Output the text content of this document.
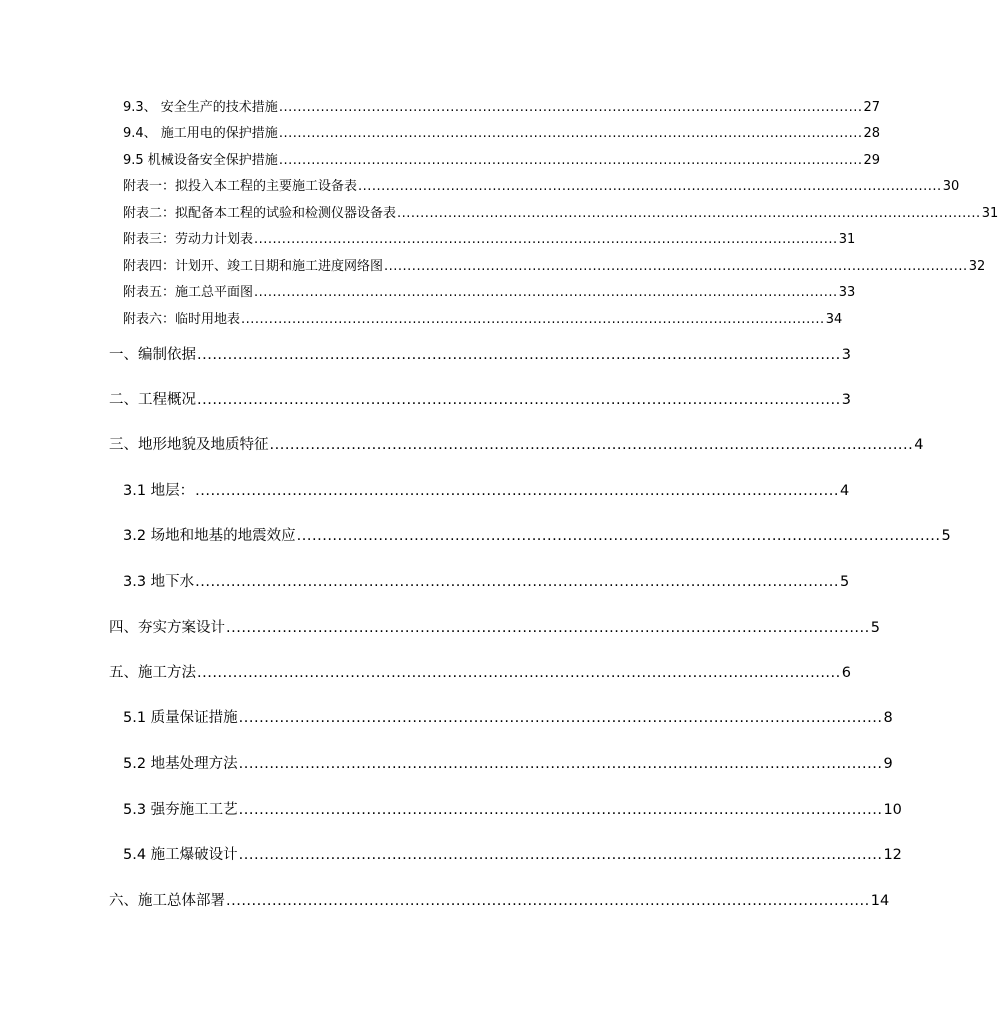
9.3、 安全生产的技术措施 .............................................................................................................................. 27
9.4、 施工用电的保护措施 .............................................................................................................................. 28
9.5 机械设备安全保护措施 .............................................................................................................................. 29
附表一：拟投入本工程的主要施工设备表 .............................................................................................................................. 30
附表二：拟配备本工程的试验和检测仪器设备表 .............................................................................................................................. 31
附表三：劳动力计划表 .............................................................................................................................. 31
附表四：计划开、竣工日期和施工进度网络图 .............................................................................................................................. 32
附表五：施工总平面图 .............................................................................................................................. 33
附表六：临时用地表 .............................................................................................................................. 34
一、编制依据 .............................................................................................................................. 3
二、工程概况 .............................................................................................................................. 3
三、地形地貌及地质特征 .............................................................................................................................. 4
3.1 地层： .............................................................................................................................. 4
3.2 场地和地基的地震效应 .............................................................................................................................. 5
3.3 地下水 .............................................................................................................................. 5
四、夯实方案设计 .............................................................................................................................. 5
五、施工方法 .............................................................................................................................. 6
5.1 质量保证措施 .............................................................................................................................. 8
5.2 地基处理方法 .............................................................................................................................. 9
5.3 强夯施工工艺 .............................................................................................................................. 10
5.4 施工爆破设计 .............................................................................................................................. 12
六、施工总体部署 .............................................................................................................................. 14
